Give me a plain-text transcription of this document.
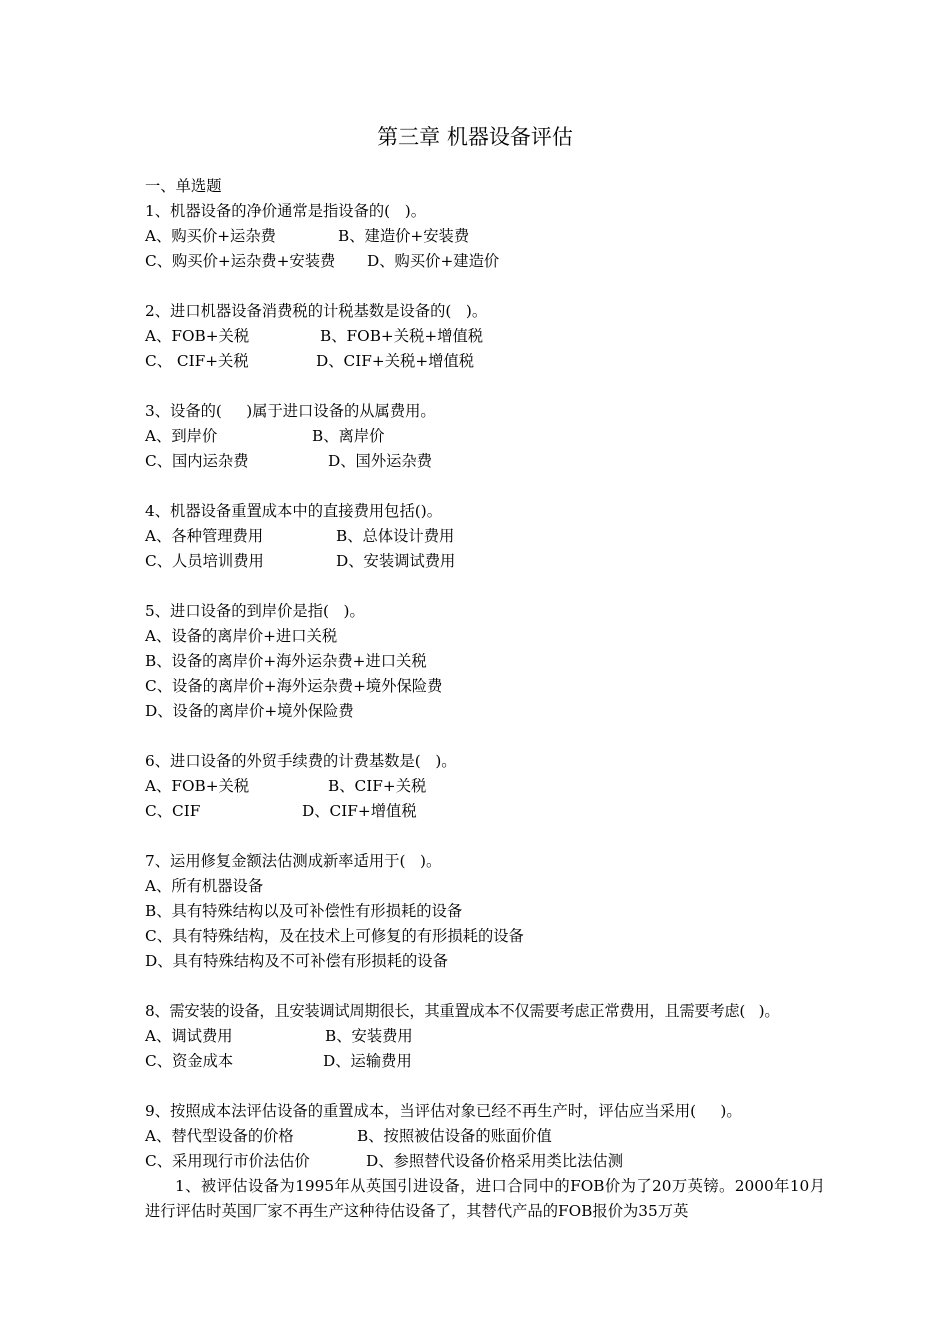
第三章 机器设备评估
一、单选题
1、机器设备的净价通常是指设备的(   )。

A、购买价+运杂费

	B、建造价+安装费

C、购买价+运杂费+安装费

D、购买价+建造价

2、进口机器设备消费税的计税基数是设备的(   )。

A、FOB+关税

	B、FOB+关税+增值税

C、 CIF+关税

	D、CIF+关税+增值税

3、设备的(     )属于进口设备的从属费用。

A、到岸价

	B、离岸价

C、国内运杂费

	D、国外运杂费

4、机器设备重置成本中的直接费用包括()。

A、各种管理费用

	B、总体设计费用

C、人员培训费用

	D、安装调试费用

5、进口设备的到岸价是指(   )。
A、设备的离岸价+进口关税
B、设备的离岸价+海外运杂费+进口关税
C、设备的离岸价+海外运杂费+境外保险费
D、设备的离岸价+境外保险费
6、进口设备的外贸手续费的计费基数是(   )。

A、FOB+关税

	B、CIF+关税

C、CIF

	D、CIF+增值税

7、运用修复金额法估测成新率适用于(   )。
A、所有机器设备
B、具有特殊结构以及可补偿性有形损耗的设备
C、具有特殊结构，及在技术上可修复的有形损耗的设备
D、具有特殊结构及不可补偿有形损耗的设备
8、需安装的设备，且安装调试周期很长，其重置成本不仅需要考虑正常费用，且需要考虑(   )。

A、调试费用

	B、安装费用

C、资金成本

	D、运输费用

9、按照成本法评估设备的重置成本，当评估对象已经不再生产时，评估应当采用(     )。

A、替代型设备的价格

	B、按照被估设备的账面价值

C、采用现行市价法估价

	D、参照替代设备价格采用类比法估测

1、被评估设备为1995年从英国引进设备，进口合同中的FOB价为了20万英镑。2000年10月进行评估时英国厂家不再生产这种待估设备了，其替代产品的FOB报价为35万英
